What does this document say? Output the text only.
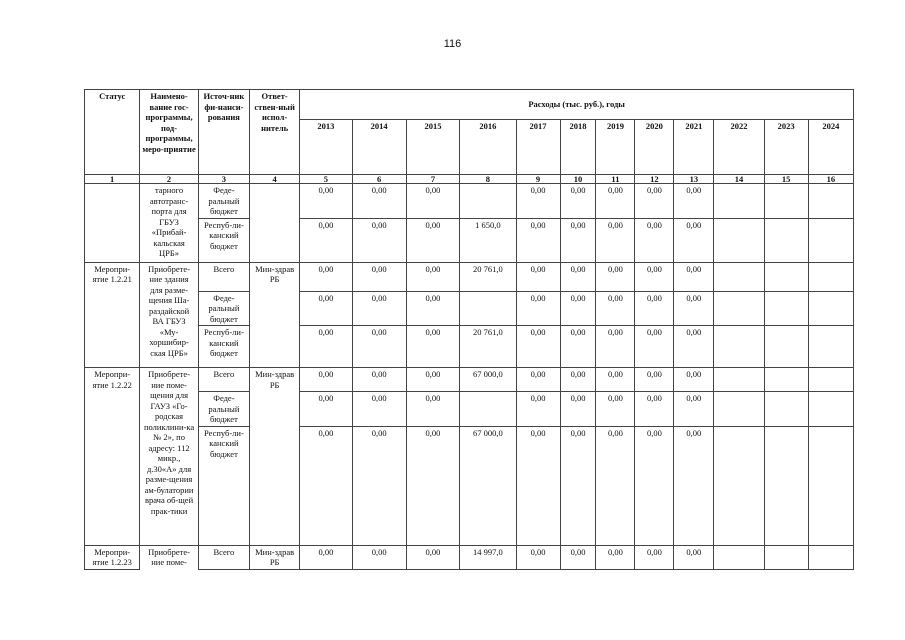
116
Статус	Наимено-вание гос-программы, под-программы, меро-приятие	Источ-ник фи-нанси-рования	Ответ-ствен-ный испол-нитель	Расходы (тыс. руб.), годы											
				2013	2014	2015	2016	2017	2018	2019	2020	2021	2022	2023	2024
1	2	3	4	5	6	7	8	9	10	11	12	13	14	15	16
	тарного автотранс-порта для ГБУЗ «Прибай-кальская ЦРБ»	Феде-ральный бюджет		0,00	0,00	0,00		0,00	0,00	0,00	0,00	0,00			
		Респуб-ли-канский бюджет		0,00	0,00	0,00	1 650,0	0,00	0,00	0,00	0,00	0,00			
Меропри-ятие 1.2.21	Приобрете-ние здания для разме-щения Ша-раздайской ВА ГБУЗ «Му-хоршибир-ская ЦРБ»	Всего	Мин-здрав РБ	0,00	0,00	0,00	20 761,0	0,00	0,00	0,00	0,00	0,00			
		Феде-ральный бюджет		0,00	0,00	0,00		0,00	0,00	0,00	0,00	0,00			
		Респуб-ли-канский бюджет		0,00	0,00	0,00	20 761,0	0,00	0,00	0,00	0,00	0,00			
Меропри-ятие 1.2.22	Приобрете-ние поме-щения для ГАУЗ «Го-родская поликлини-ка № 2», по адресу: 112 микр., д.30«А» для разме-щения ам-булатории врача об-щей прак-тики	Всего	Мин-здрав РБ	0,00	0,00	0,00	67 000,0	0,00	0,00	0,00	0,00	0,00			
		Феде-ральный бюджет		0,00	0,00	0,00		0,00	0,00	0,00	0,00	0,00			
		Респуб-ли-канский бюджет		0,00	0,00	0,00	67 000,0	0,00	0,00	0,00	0,00	0,00			
Меропри-ятие 1.2.23	Приобрете-ние поме-	Всего	Мин-здрав РБ	0,00	0,00	0,00	14 997,0	0,00	0,00	0,00	0,00	0,00			
